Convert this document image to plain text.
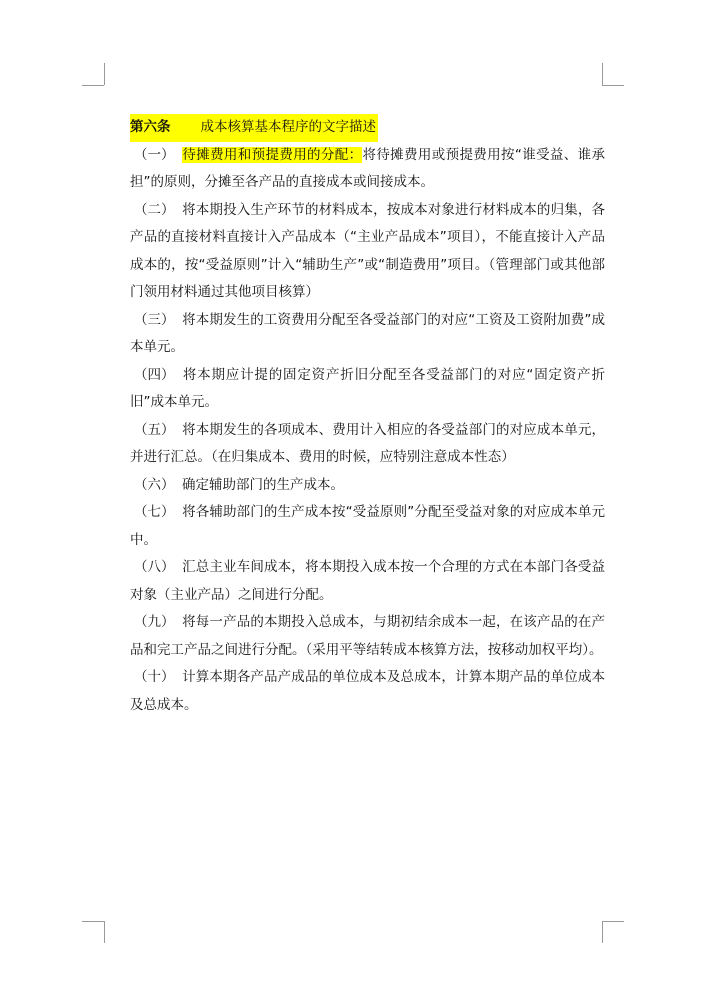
第六条 成本核算基本程序的文字描述

（一） 待摊费用和预提费用的分配：将待摊费用或预提费用按“谁受益、谁承担”的原则，分摊至各产品的直接成本或间接成本。

（二） 将本期投入生产环节的材料成本，按成本对象进行材料成本的归集，各产品的直接材料直接计入产品成本（“主业产品成本”项目），不能直接计入产品成本的，按“受益原则”计入“辅助生产”或“制造费用”项目。（管理部门或其他部门领用材料通过其他项目核算）

（三） 将本期发生的工资费用分配至各受益部门的对应“工资及工资附加费”成本单元。

（四） 将本期应计提的固定资产折旧分配至各受益部门的对应“固定资产折旧”成本单元。

（五） 将本期发生的各项成本、费用计入相应的各受益部门的对应成本单元，并进行汇总。（在归集成本、费用的时候，应特别注意成本性态）

（六） 确定辅助部门的生产成本。

（七） 将各辅助部门的生产成本按“受益原则”分配至受益对象的对应成本单元中。

（八） 汇总主业车间成本，将本期投入成本按一个合理的方式在本部门各受益对象（主业产品）之间进行分配。

（九） 将每一产品的本期投入总成本，与期初结余成本一起，在该产品的在产品和完工产品之间进行分配。（采用平等结转成本核算方法，按移动加权平均）。

（十） 计算本期各产品产成品的单位成本及总成本，计算本期产品的单位成本及总成本。
